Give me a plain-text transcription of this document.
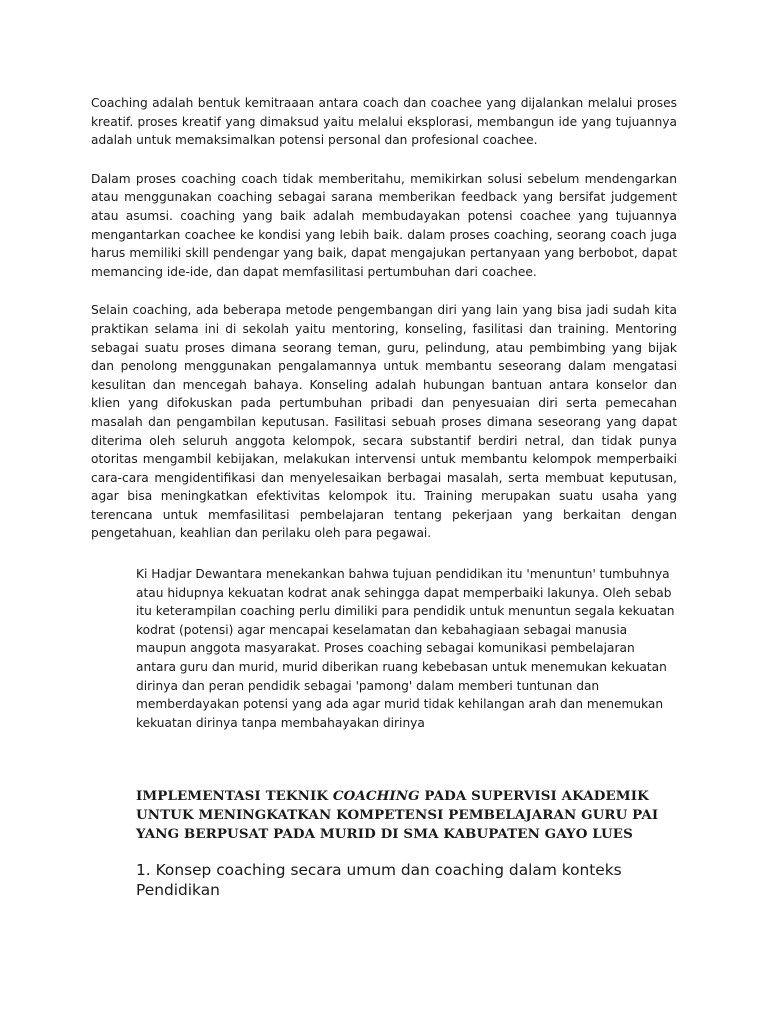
Coaching adalah bentuk kemitraaan antara coach dan coachee yang dijalankan melalui proses kreatif. proses kreatif yang dimaksud yaitu melalui eksplorasi, membangun ide yang tujuannya adalah untuk memaksimalkan potensi personal dan profesional coachee.

Dalam proses coaching coach tidak memberitahu, memikirkan solusi sebelum mendengarkan atau menggunakan coaching sebagai sarana memberikan feedback yang bersifat judgement atau asumsi. coaching yang baik adalah membudayakan potensi coachee yang tujuannya mengantarkan coachee ke kondisi yang lebih baik. dalam proses coaching, seorang coach juga harus memiliki skill pendengar yang baik, dapat mengajukan pertanyaan yang berbobot, dapat memancing ide-ide, dan dapat memfasilitasi pertumbuhan dari coachee.

Selain coaching, ada beberapa metode pengembangan diri yang lain yang bisa jadi sudah kita praktikan selama ini di sekolah yaitu mentoring, konseling, fasilitasi dan training. Mentoring sebagai suatu proses dimana seorang teman, guru, pelindung, atau pembimbing yang bijak dan penolong menggunakan pengalamannya untuk membantu seseorang dalam mengatasi kesulitan dan mencegah bahaya. Konseling adalah hubungan bantuan antara konselor dan klien yang difokuskan pada pertumbuhan pribadi dan penyesuaian diri serta pemecahan masalah dan pengambilan keputusan. Fasilitasi sebuah proses dimana seseorang yang dapat diterima oleh seluruh anggota kelompok, secara substantif berdiri netral, dan tidak punya otoritas mengambil kebijakan, melakukan intervensi untuk membantu kelompok memperbaiki cara-cara mengidentifikasi dan menyelesaikan berbagai masalah, serta membuat keputusan, agar bisa meningkatkan efektivitas kelompok itu. Training merupakan suatu usaha yang terencana untuk memfasilitasi pembelajaran tentang pekerjaan yang berkaitan dengan pengetahuan, keahlian dan perilaku oleh para pegawai.

Ki Hadjar Dewantara menekankan bahwa tujuan pendidikan itu 'menuntun' tumbuhnya atau hidupnya kekuatan kodrat anak sehingga dapat memperbaiki lakunya. Oleh sebab itu keterampilan coaching perlu dimiliki para pendidik untuk menuntun segala kekuatan kodrat (potensi) agar mencapai keselamatan dan kebahagiaan sebagai manusia maupun anggota masyarakat. Proses coaching sebagai komunikasi pembelajaran antara guru dan murid, murid diberikan ruang kebebasan untuk menemukan kekuatan dirinya dan peran pendidik sebagai 'pamong' dalam memberi tuntunan dan memberdayakan potensi yang ada agar murid tidak kehilangan arah dan menemukan kekuatan dirinya tanpa membahayakan dirinya

IMPLEMENTASI TEKNIK COACHING PADA SUPERVISI AKADEMIK UNTUK MENINGKATKAN KOMPETENSI PEMBELAJARAN GURU PAI YANG BERPUSAT PADA MURID DI SMA KABUPATEN GAYO LUES
1. Konsep coaching secara umum dan coaching dalam konteks Pendidikan
